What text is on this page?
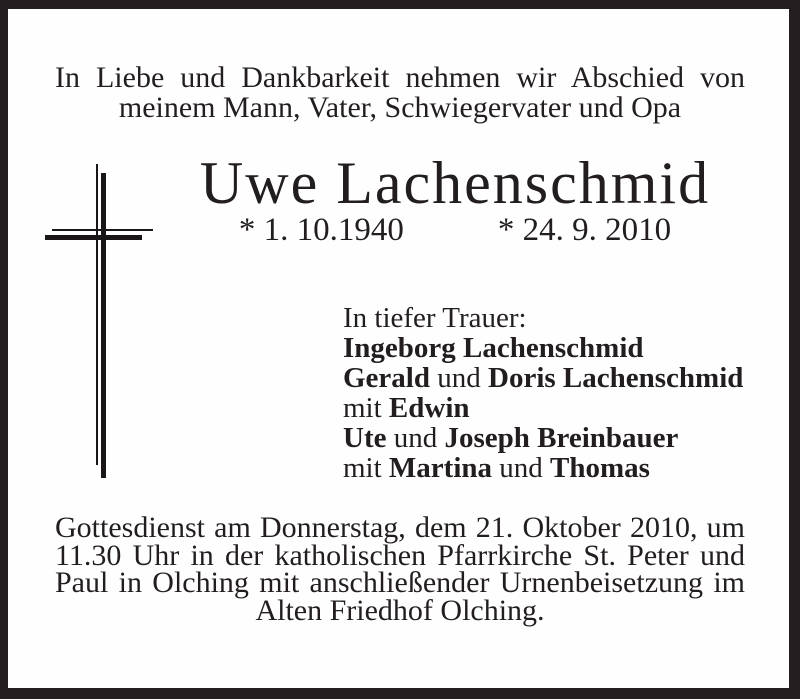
In Liebe und Dankbarkeit nehmen wir Abschied von
meinem Mann, Vater, Schwiegervater und Opa
Uwe Lachenschmid
* 1. 10.1940	* 24. 9. 2010
In tiefer Trauer:
Ingeborg Lachenschmid
Gerald und Doris Lachenschmid
mit Edwin
Ute und Joseph Breinbauer
mit Martina und Thomas
Gottesdienst am Donnerstag, dem 21. Oktober 2010, um
11.30 Uhr in der katholischen Pfarrkirche St. Peter und
Paul in Olching mit anschließender Urnenbeisetzung im
Alten Friedhof Olching.
